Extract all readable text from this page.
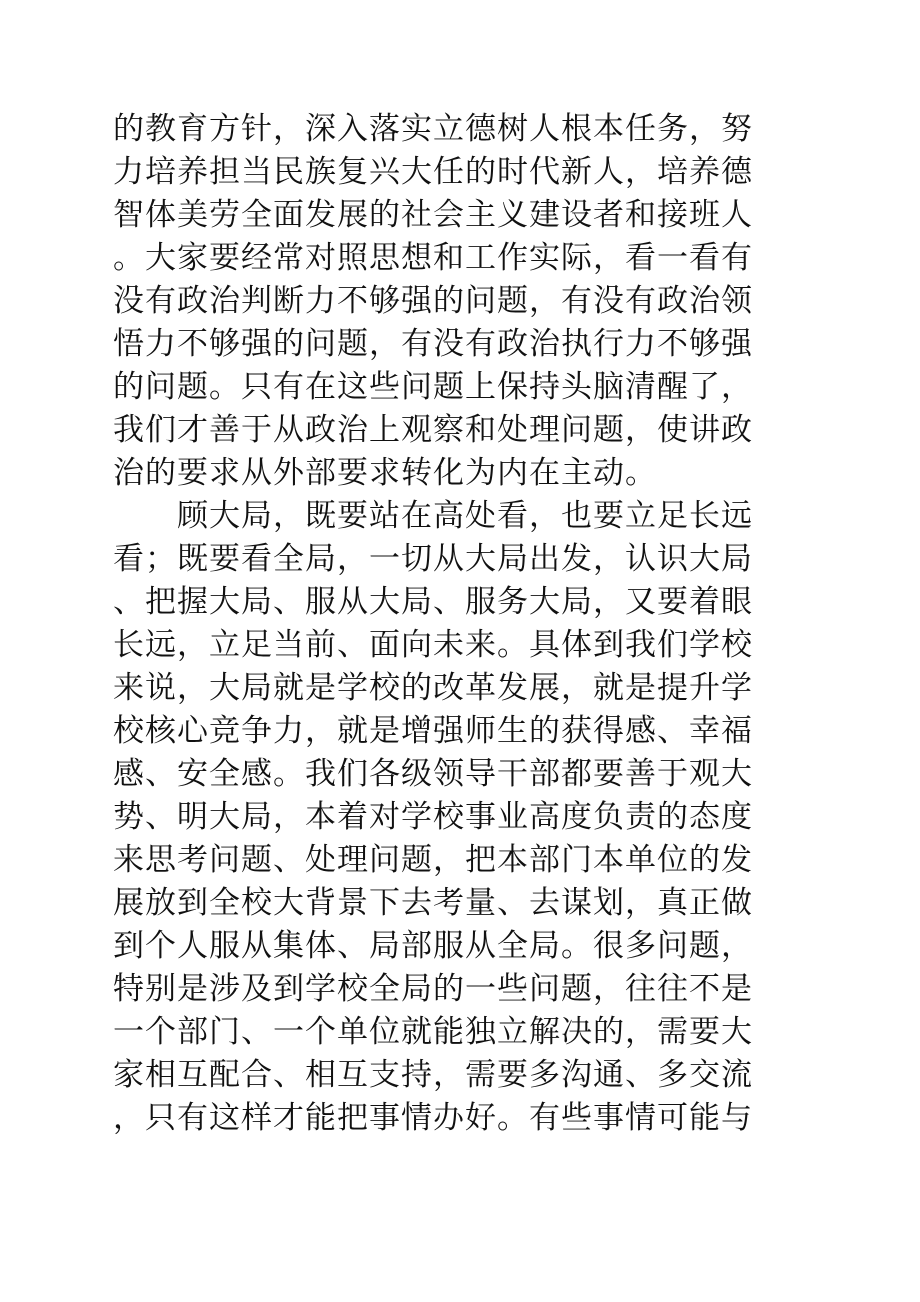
的教育方针，深入落实立德树人根本任务，努
力培养担当民族复兴大任的时代新人，培养德
智体美劳全面发展的社会主义建设者和接班人
。大家要经常对照思想和工作实际，看一看有
没有政治判断力不够强的问题，有没有政治领
悟力不够强的问题，有没有政治执行力不够强
的问题。只有在这些问题上保持头脑清醒了，
我们才善于从政治上观察和处理问题，使讲政
治的要求从外部要求转化为内在主动。
　　顾大局，既要站在高处看，也要立足长远
看；既要看全局，一切从大局出发，认识大局
、把握大局、服从大局、服务大局，又要着眼
长远，立足当前、面向未来。具体到我们学校
来说，大局就是学校的改革发展，就是提升学
校核心竞争力，就是增强师生的获得感、幸福
感、安全感。我们各级领导干部都要善于观大
势、明大局，本着对学校事业高度负责的态度
来思考问题、处理问题，把本部门本单位的发
展放到全校大背景下去考量、去谋划，真正做
到个人服从集体、局部服从全局。很多问题，
特别是涉及到学校全局的一些问题，往往不是
一个部门、一个单位就能独立解决的，需要大
家相互配合、相互支持，需要多沟通、多交流
，只有这样才能把事情办好。有些事情可能与
